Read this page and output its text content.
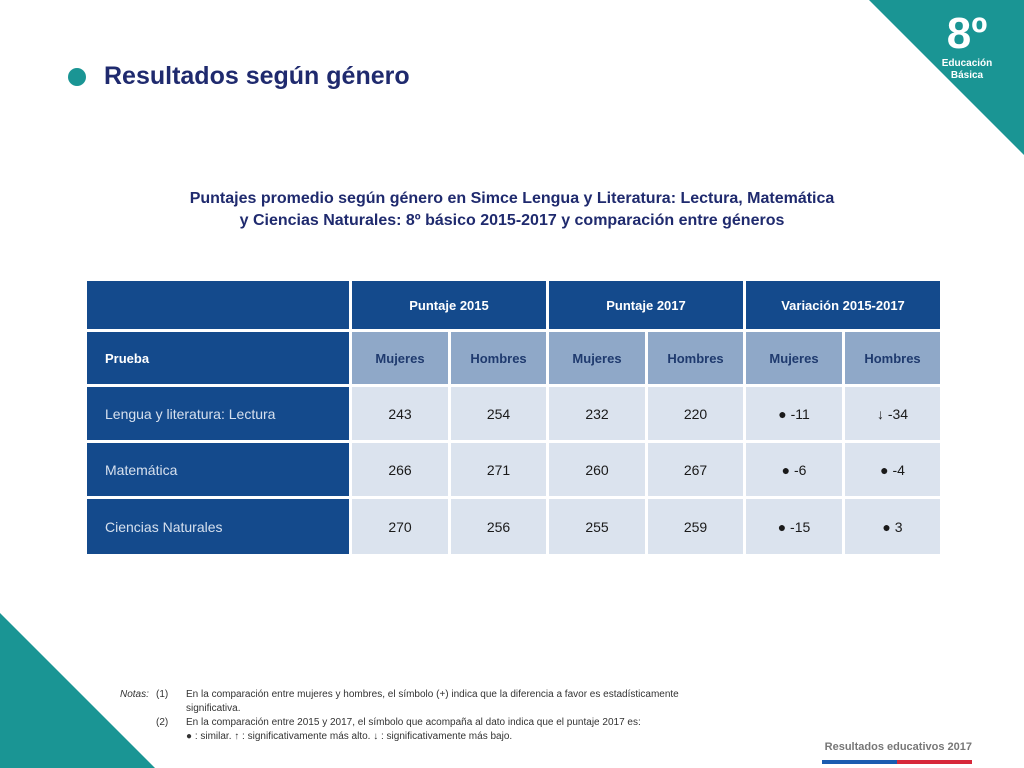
8º
Educación
Básica
Resultados según género
Puntajes promedio según género en Simce Lengua y Literatura: Lectura, Matemática
y Ciencias Naturales: 8º básico 2015-2017 y comparación entre géneros
Puntaje 2015	Puntaje 2017	Variación 2015-2017
Prueba	Mujeres	Hombres	Mujeres	Hombres	Mujeres	Hombres
Lengua y literatura: Lectura	243	254	232	220	● -11	↓ -34
Matemática	266	271	260	267	● -6	● -4
Ciencias Naturales	270	256	255	259	● -15	● 3
Notas: (1)	En la comparación entre mujeres y hombres, el símbolo (+) indica que la diferencia a favor es estadísticamente
significativa.
(2)	En la comparación entre 2015 y 2017, el símbolo que acompaña al dato indica que el puntaje 2017 es:
● : similar. ↑ : significativamente más alto. ↓ : significativamente más bajo.
Resultados educativos 2017
